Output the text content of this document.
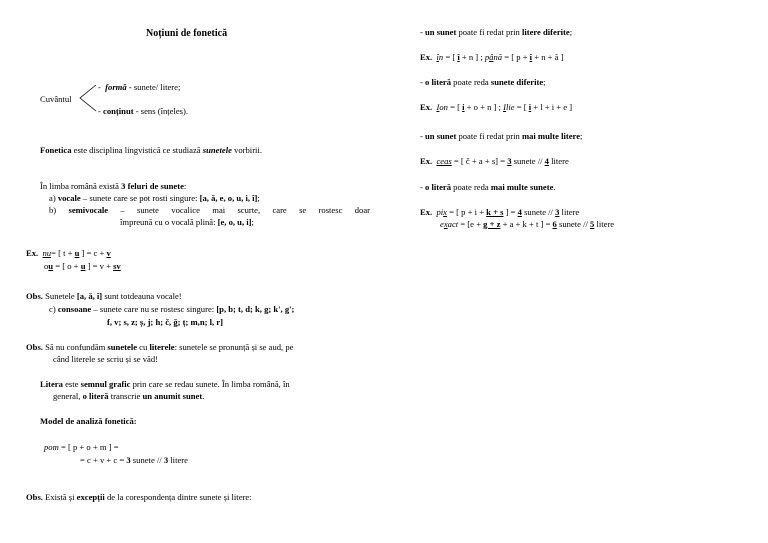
Noțiuni de fonetică
Cuvântul
- formă - sunete/ litere;
- conținut - sens (înțeles).
Fonetica este disciplina lingvistică ce studiază sunetele vorbirii.
În limba română există 3 feluri de sunete:
a) vocale – sunete care se pot rosti singure: [a, ă, e, o, u, i, î];
b) semivocale – sunete vocalice mai scurte, care se rostesc doar
împreună cu o vocală plină: [e, o, u, i];
Ex. nu= [ t + u ] = c + v
ou = [ o + u ] = v + sv
Obs. Sunetele [a, ă, î] sunt totdeauna vocale!
c) consoane – sunete care nu se rostesc singure: [p, b; t, d; k, g; k', g';
f, v; s, z; ș, j; h; č, ğ; ț; m,n; l, r]
Obs. Să nu confundăm sunetele cu literele: sunetele se pronunță și se aud, pe
când literele se scriu și se văd!
Litera este semnul grafic prin care se redau sunete. În limba română, în
general, o literă transcrie un anumit sunet.
Model de analiză fonetică:
pom = [ p + o + m ] =
= c + v + c = 3 sunete // 3 litere
Obs. Există și excepții de la corespondența dintre sunete și litere:
- un sunet poate fi redat prin litere diferite;
Ex. în = [ î + n ] ; până = [ p + î + n + ă ]
- o literă poate reda sunete diferite;
Ex. Ion = [ i + o + n ] ; Ilie = [ i + l + i + e ]
- un sunet poate fi redat prin mai multe litere;
Ex. ceas = [ č + a + s] = 3 sunete // 4 litere
- o literă poate reda mai multe sunete.
Ex. pix = [ p + i + k + s ] = 4 sunete // 3 litere
exact = [e + g + z + a + k + t ] = 6 sunete // 5 litere
